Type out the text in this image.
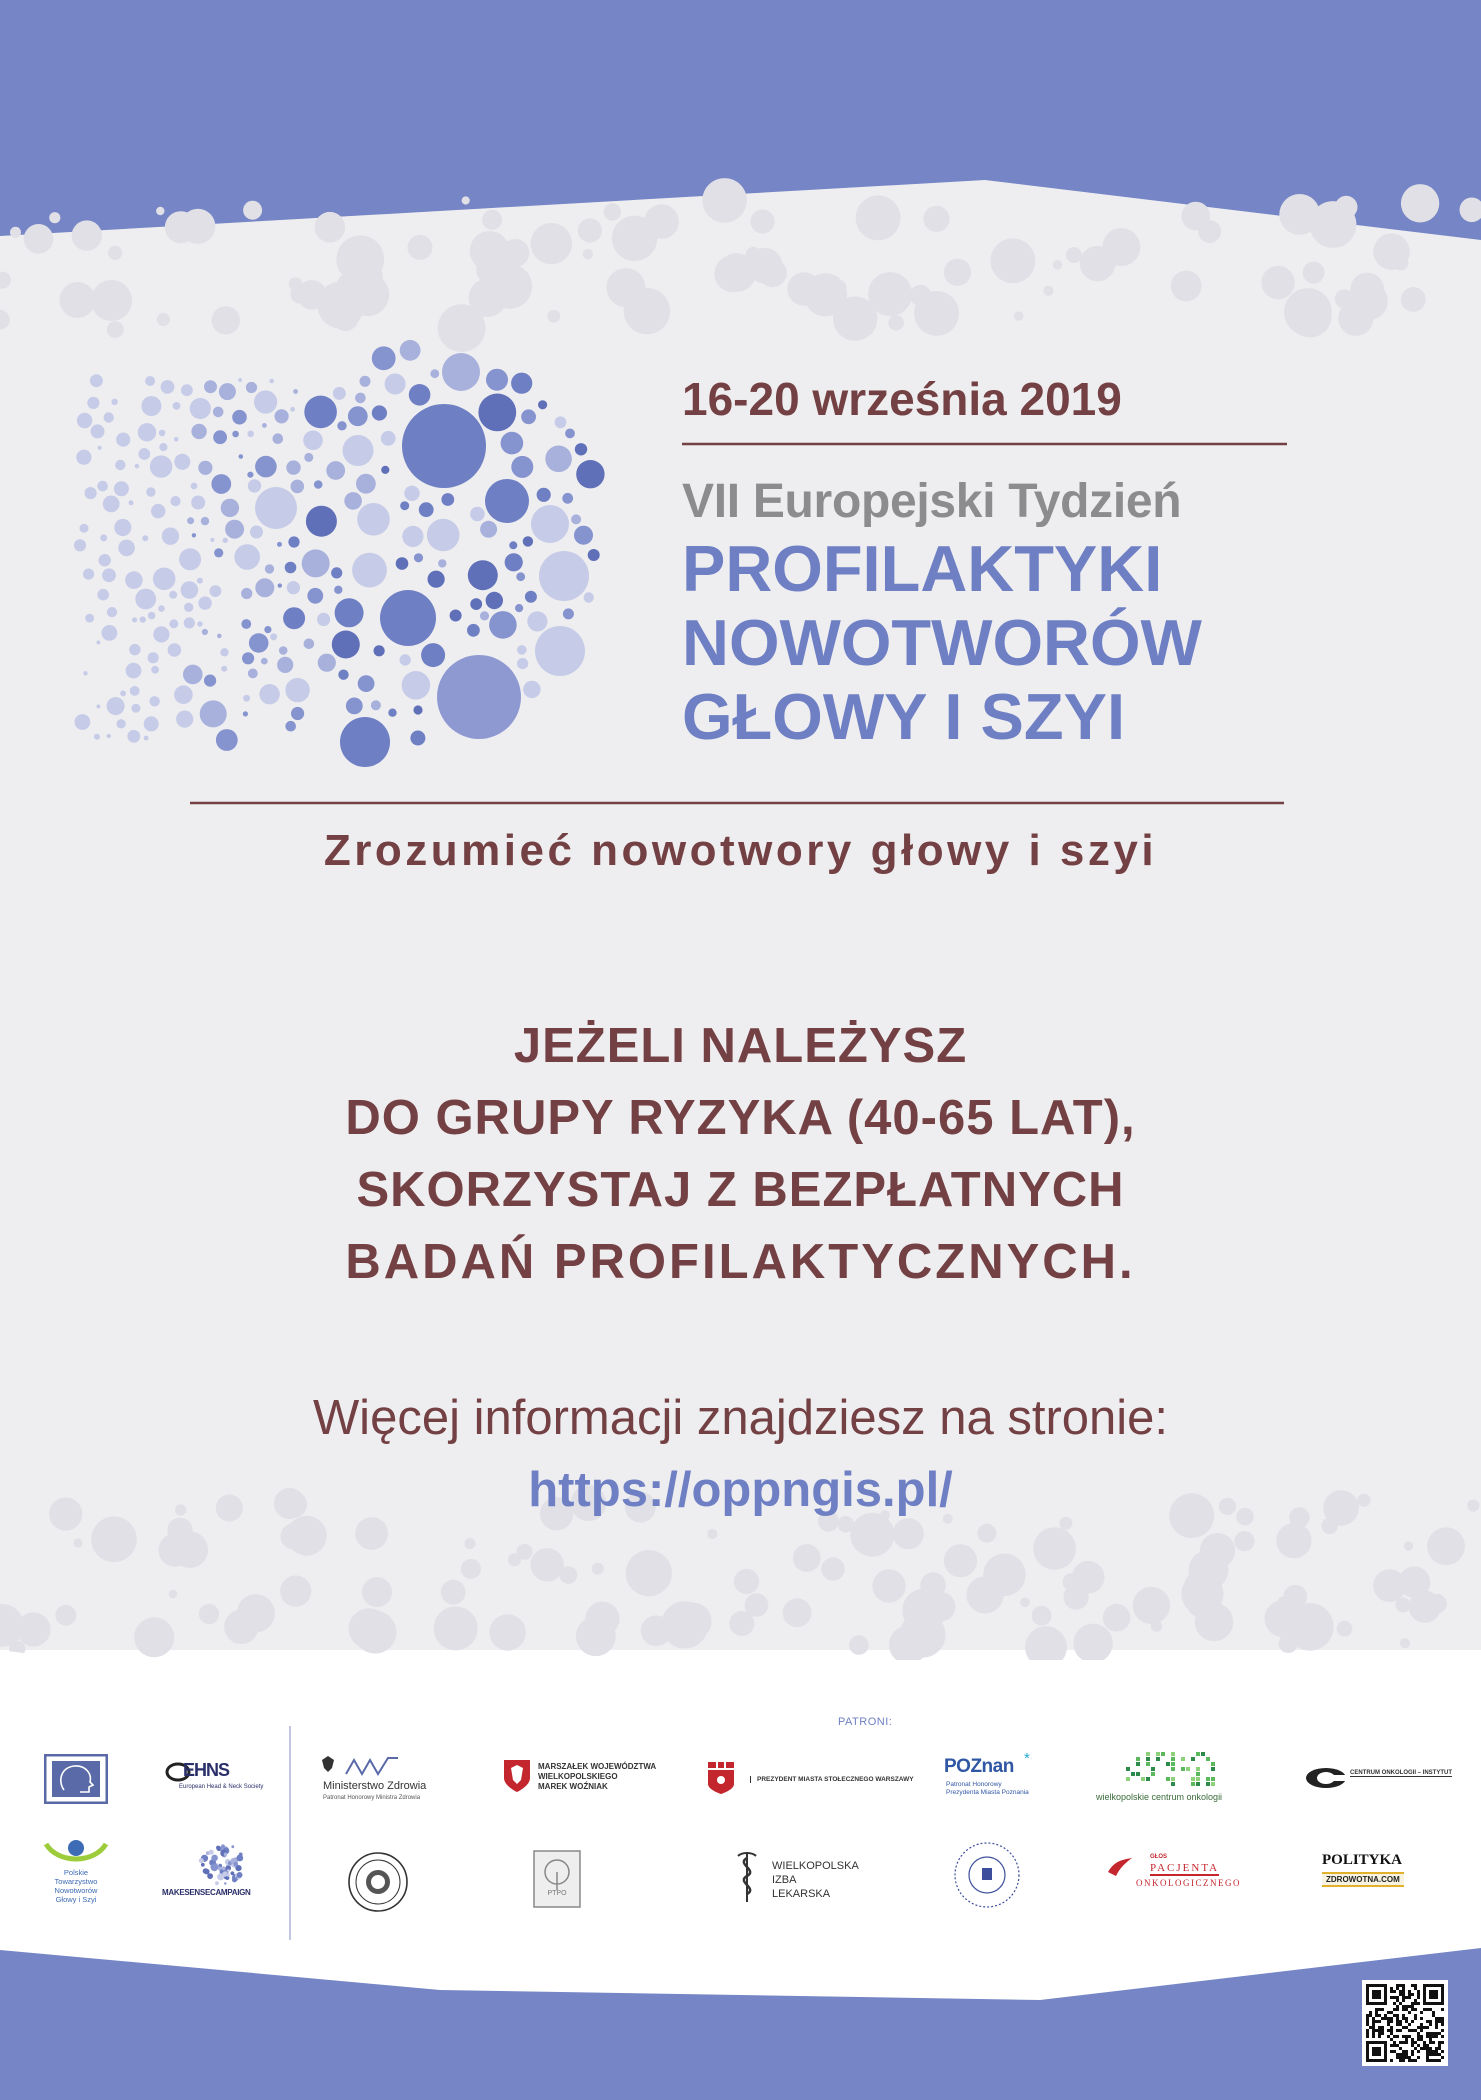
16-20 września 2019

VII Europejski Tydzień

PROFILAKTYKI

NOWOTWORÓW

GŁOWY I SZYI

Zrozumieć nowotwory głowy i szyi

JEŻELI NALEŻYSZ

DO GRUPY RYZYKA (40-65 LAT),

SKORZYSTAJ Z BEZPŁATNYCH

BADAŃ PROFILAKTYCZNYCH.

Więcej informacji znajdziesz na stronie:

https://oppngis.pl/

PATRONI:

EHNS

European Head & Neck Society	Ministerstwo Zdrowia

Patronat Honorowy Ministra Zdrowia

MARSZAŁEK WOJEWÓDZTWA

WIELKOPOLSKIEGO

MAREK WOŹNIAK

PREZYDENT MIASTA STOŁECZNEGO WARSZAWY

POZnan *

Patronat Honorowy

Prezydenta Miasta Poznania	wielkopolskie centrum onkologii

CENTRUM ONKOLOGII – INSTYTUT

Polskie

Towarzystwo

Nowotworów

Głowy i Szyi

MAKESENSECAMPAIGN	PTPO

WIELKOPOLSKA

IZBA

LEKARSKA

GŁOS

PACJENTA

ONKOLOGICZNEGO

POLITYKA

ZDROWOTNA.COM
